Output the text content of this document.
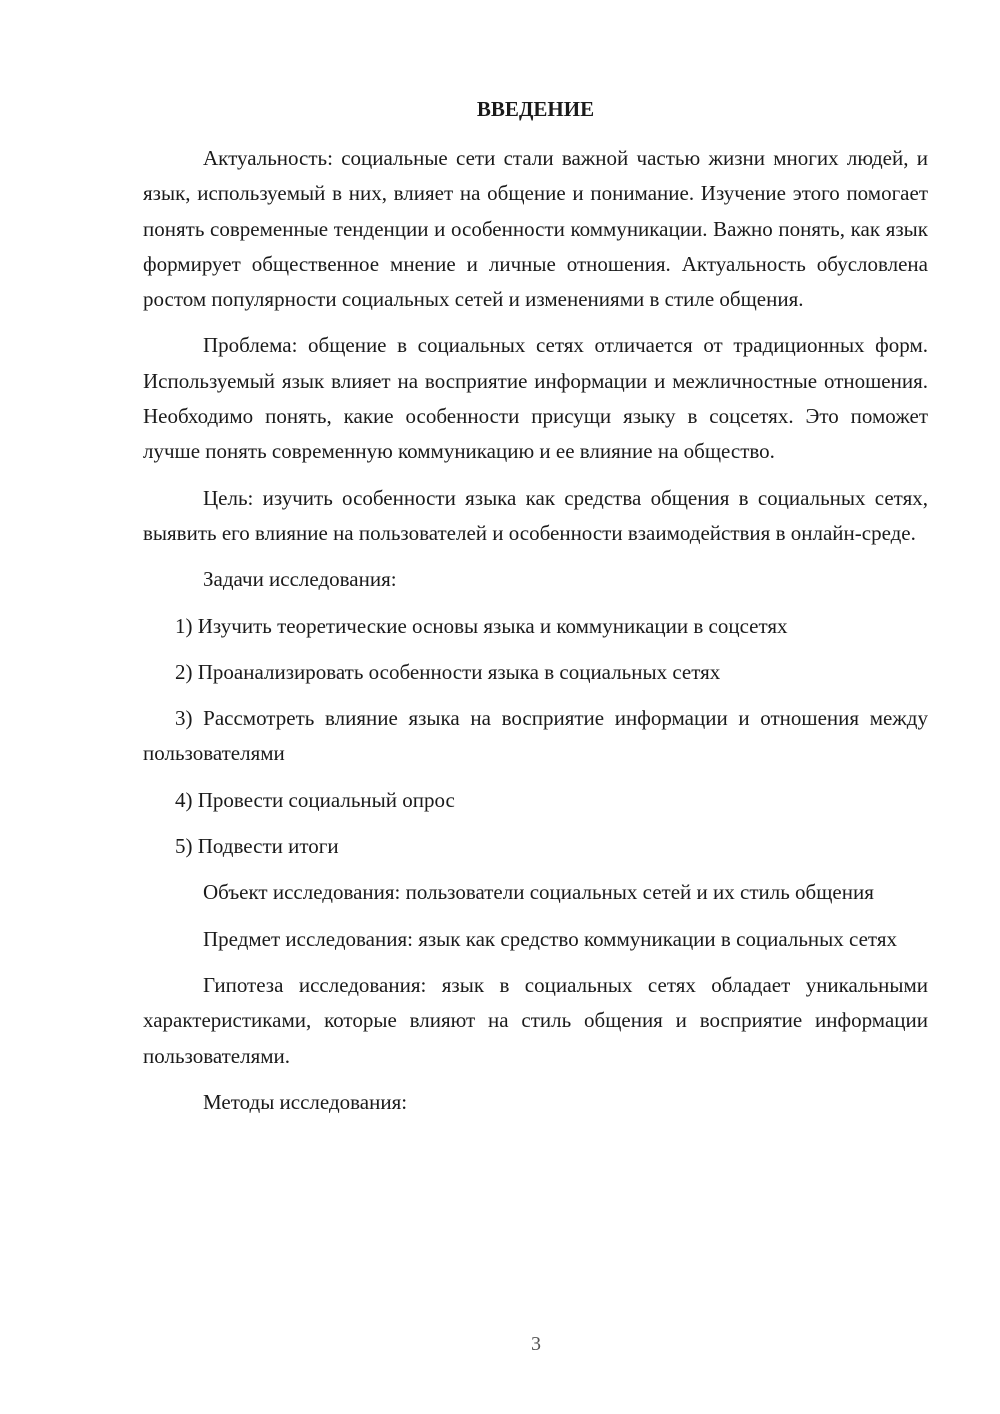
ВВЕДЕНИЕ

Актуальность: социальные сети стали важной частью жизни многих людей, и язык, используемый в них, влияет на общение и понимание. Изучение этого помогает понять современные тенденции и особенности коммуникации. Важно понять, как язык формирует общественное мнение и личные отношения. Актуальность обусловлена ростом популярности социальных сетей и изменениями в стиле общения.

Проблема: общение в социальных сетях отличается от традиционных форм. Используемый язык влияет на восприятие информации и межличностные отношения. Необходимо понять, какие особенности присущи языку в соцсетях. Это поможет лучше понять современную коммуникацию и ее влияние на общество.

Цель: изучить особенности языка как средства общения в социальных сетях, выявить его влияние на пользователей и особенности взаимодействия в онлайн-среде.

Задачи исследования:

1) Изучить теоретические основы языка и коммуникации в соцсетях

2) Проанализировать особенности языка в социальных сетях

3) Рассмотреть влияние языка на восприятие информации и отношения между пользователями

4) Провести социальный опрос

5) Подвести итоги

Объект исследования: пользователи социальных сетей и их стиль общения

Предмет исследования: язык как средство коммуникации в социальных сетях

Гипотеза исследования: язык в социальных сетях обладает уникальными характеристиками, которые влияют на стиль общения и восприятие информации пользователями.

Методы исследования:

3
